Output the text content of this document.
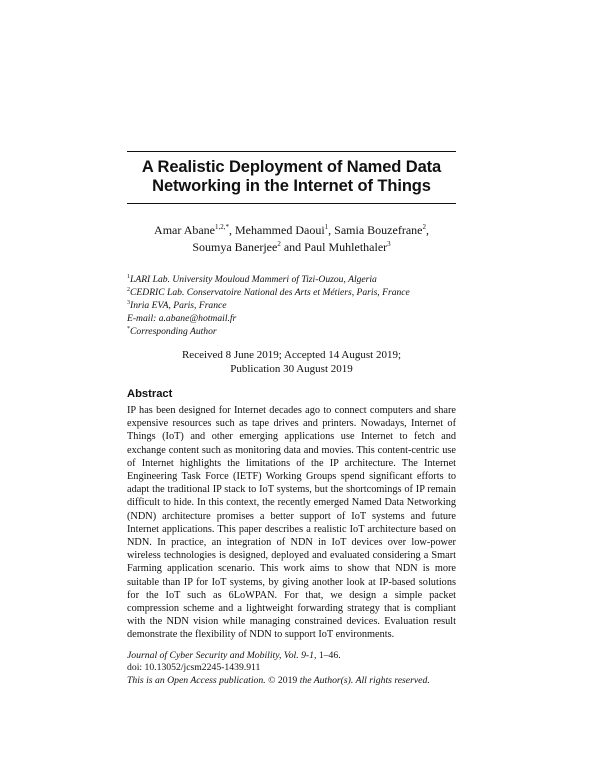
A Realistic Deployment of Named Data
Networking in the Internet of Things
Amar Abane$^{1,2,*}$, Mehammed Daoui$^1$, Samia Bouzefrane$^2$,
Soumya Banerjee$^2$ and Paul Muhlethaler$^3$
$^1$LARI Lab. University Mouloud Mammeri of Tizi-Ouzou, Algeria
$^2$CEDRIC Lab. Conservatoire National des Arts et Métiers, Paris, France
$^3$Inria EVA, Paris, France
E-mail: a.abane@hotmail.fr
*Corresponding Author
Received 8 June 2019; Accepted 14 August 2019;
Publication 30 August 2019
Abstract
IP has been designed for Internet decades ago to connect computers and share expensive resources such as tape drives and printers. Nowadays, Internet of Things (IoT) and other emerging applications use Internet to fetch and exchange content such as monitoring data and movies. This content-centric use of Internet highlights the limitations of the IP architecture. The Internet Engineering Task Force (IETF) Working Groups spend significant efforts to adapt the traditional IP stack to IoT systems, but the shortcomings of IP remain difficult to hide. In this context, the recently emerged Named Data Networking (NDN) architecture promises a better support of IoT systems and future Internet applications. This paper describes a realistic IoT architecture based on NDN. In practice, an integration of NDN in IoT devices over low-power wireless technologies is designed, deployed and evaluated considering a Smart Farming application scenario. This work aims to show that NDN is more suitable than IP for IoT systems, by giving another look at IP-based solutions for the IoT such as 6LoWPAN. For that, we design a simple packet compression scheme and a lightweight forwarding strategy that is compliant with the NDN vision while managing constrained devices. Evaluation result demonstrate the flexibility of NDN to support IoT environments.
Journal of Cyber Security and Mobility, Vol. 9-1, 1–46.
doi: 10.13052/jcsm2245-1439.911
This is an Open Access publication. © 2019 the Author(s). All rights reserved.
